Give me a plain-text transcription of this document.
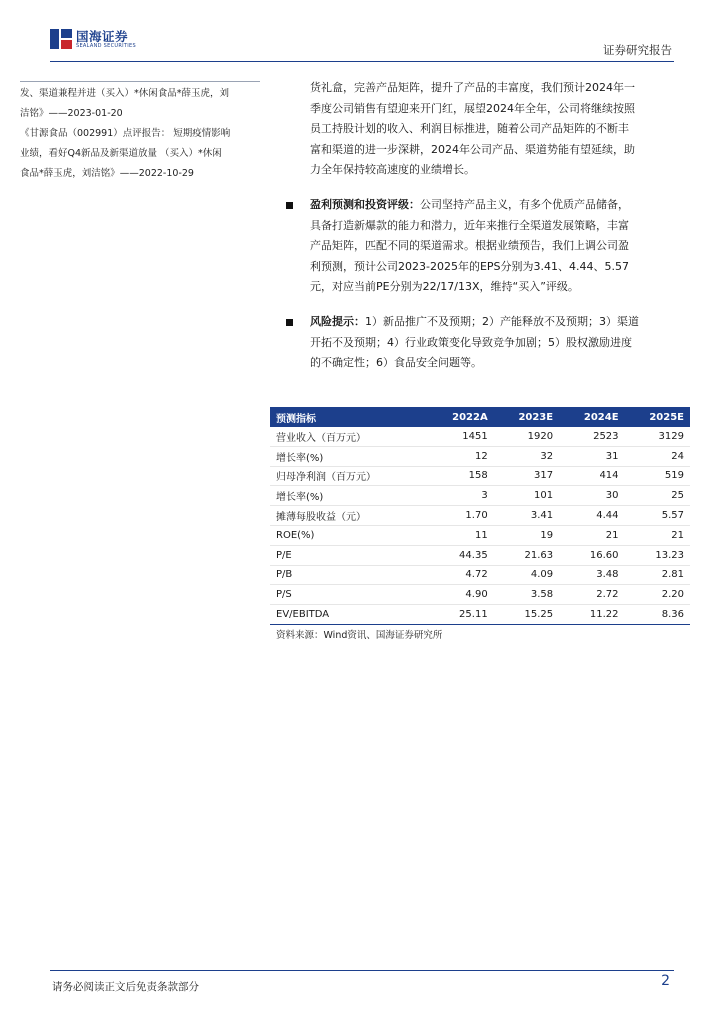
国海证券
SEALAND SECURITIES	证券研究报告

发、渠道兼程并进（买入）*休闲食品*薛玉虎，刘

洁铭》——2023-01-20

《甘源食品（002991）点评报告： 短期疫情影响

业绩，看好Q4新品及新渠道放量 （买入）*休闲

食品*薛玉虎，刘洁铭》——2022-10-29

货礼盒，完善产品矩阵，提升了产品的丰富度，我们预计2024年一

季度公司销售有望迎来开门红，展望2024年全年，公司将继续按照

员工持股计划的收入、利润目标推进，随着公司产品矩阵的不断丰

富和渠道的进一步深耕，2024年公司产品、渠道势能有望延续，助

力全年保持较高速度的业绩增长。

盈利预测和投资评级：公司坚持产品主义，有多个优质产品储备，

具备打造新爆款的能力和潜力，近年来推行全渠道发展策略，丰富

产品矩阵，匹配不同的渠道需求。根据业绩预告，我们上调公司盈

利预测，预计公司2023-2025年的EPS分别为3.41、4.44、5.57

元，对应当前PE分别为22/17/13X，维持“买入”评级。

风险提示：1）新品推广不及预期；2）产能释放不及预期；3）渠道

开拓不及预期；4）行业政策变化导致竞争加剧；5）股权激励进度

的不确定性；6）食品安全问题等。

预测指标	2022A	2023E	2024E	2025E
营业收入（百万元）	1451	1920	2523	3129
增长率(%)	12	32	31	24
归母净利润（百万元）	158	317	414	519
增长率(%)	3	101	30	25
摊薄每股收益（元）	1.70	3.41	4.44	5.57
ROE(%)	11	19	21	21
P/E	44.35	21.63	16.60	13.23
P/B	4.72	4.09	3.48	2.81
P/S	4.90	3.58	2.72	2.20
EV/EBITDA	25.11	15.25	11.22	8.36
资料来源：Wind资讯、国海证券研究所
请务必阅读正文后免责条款部分	2
